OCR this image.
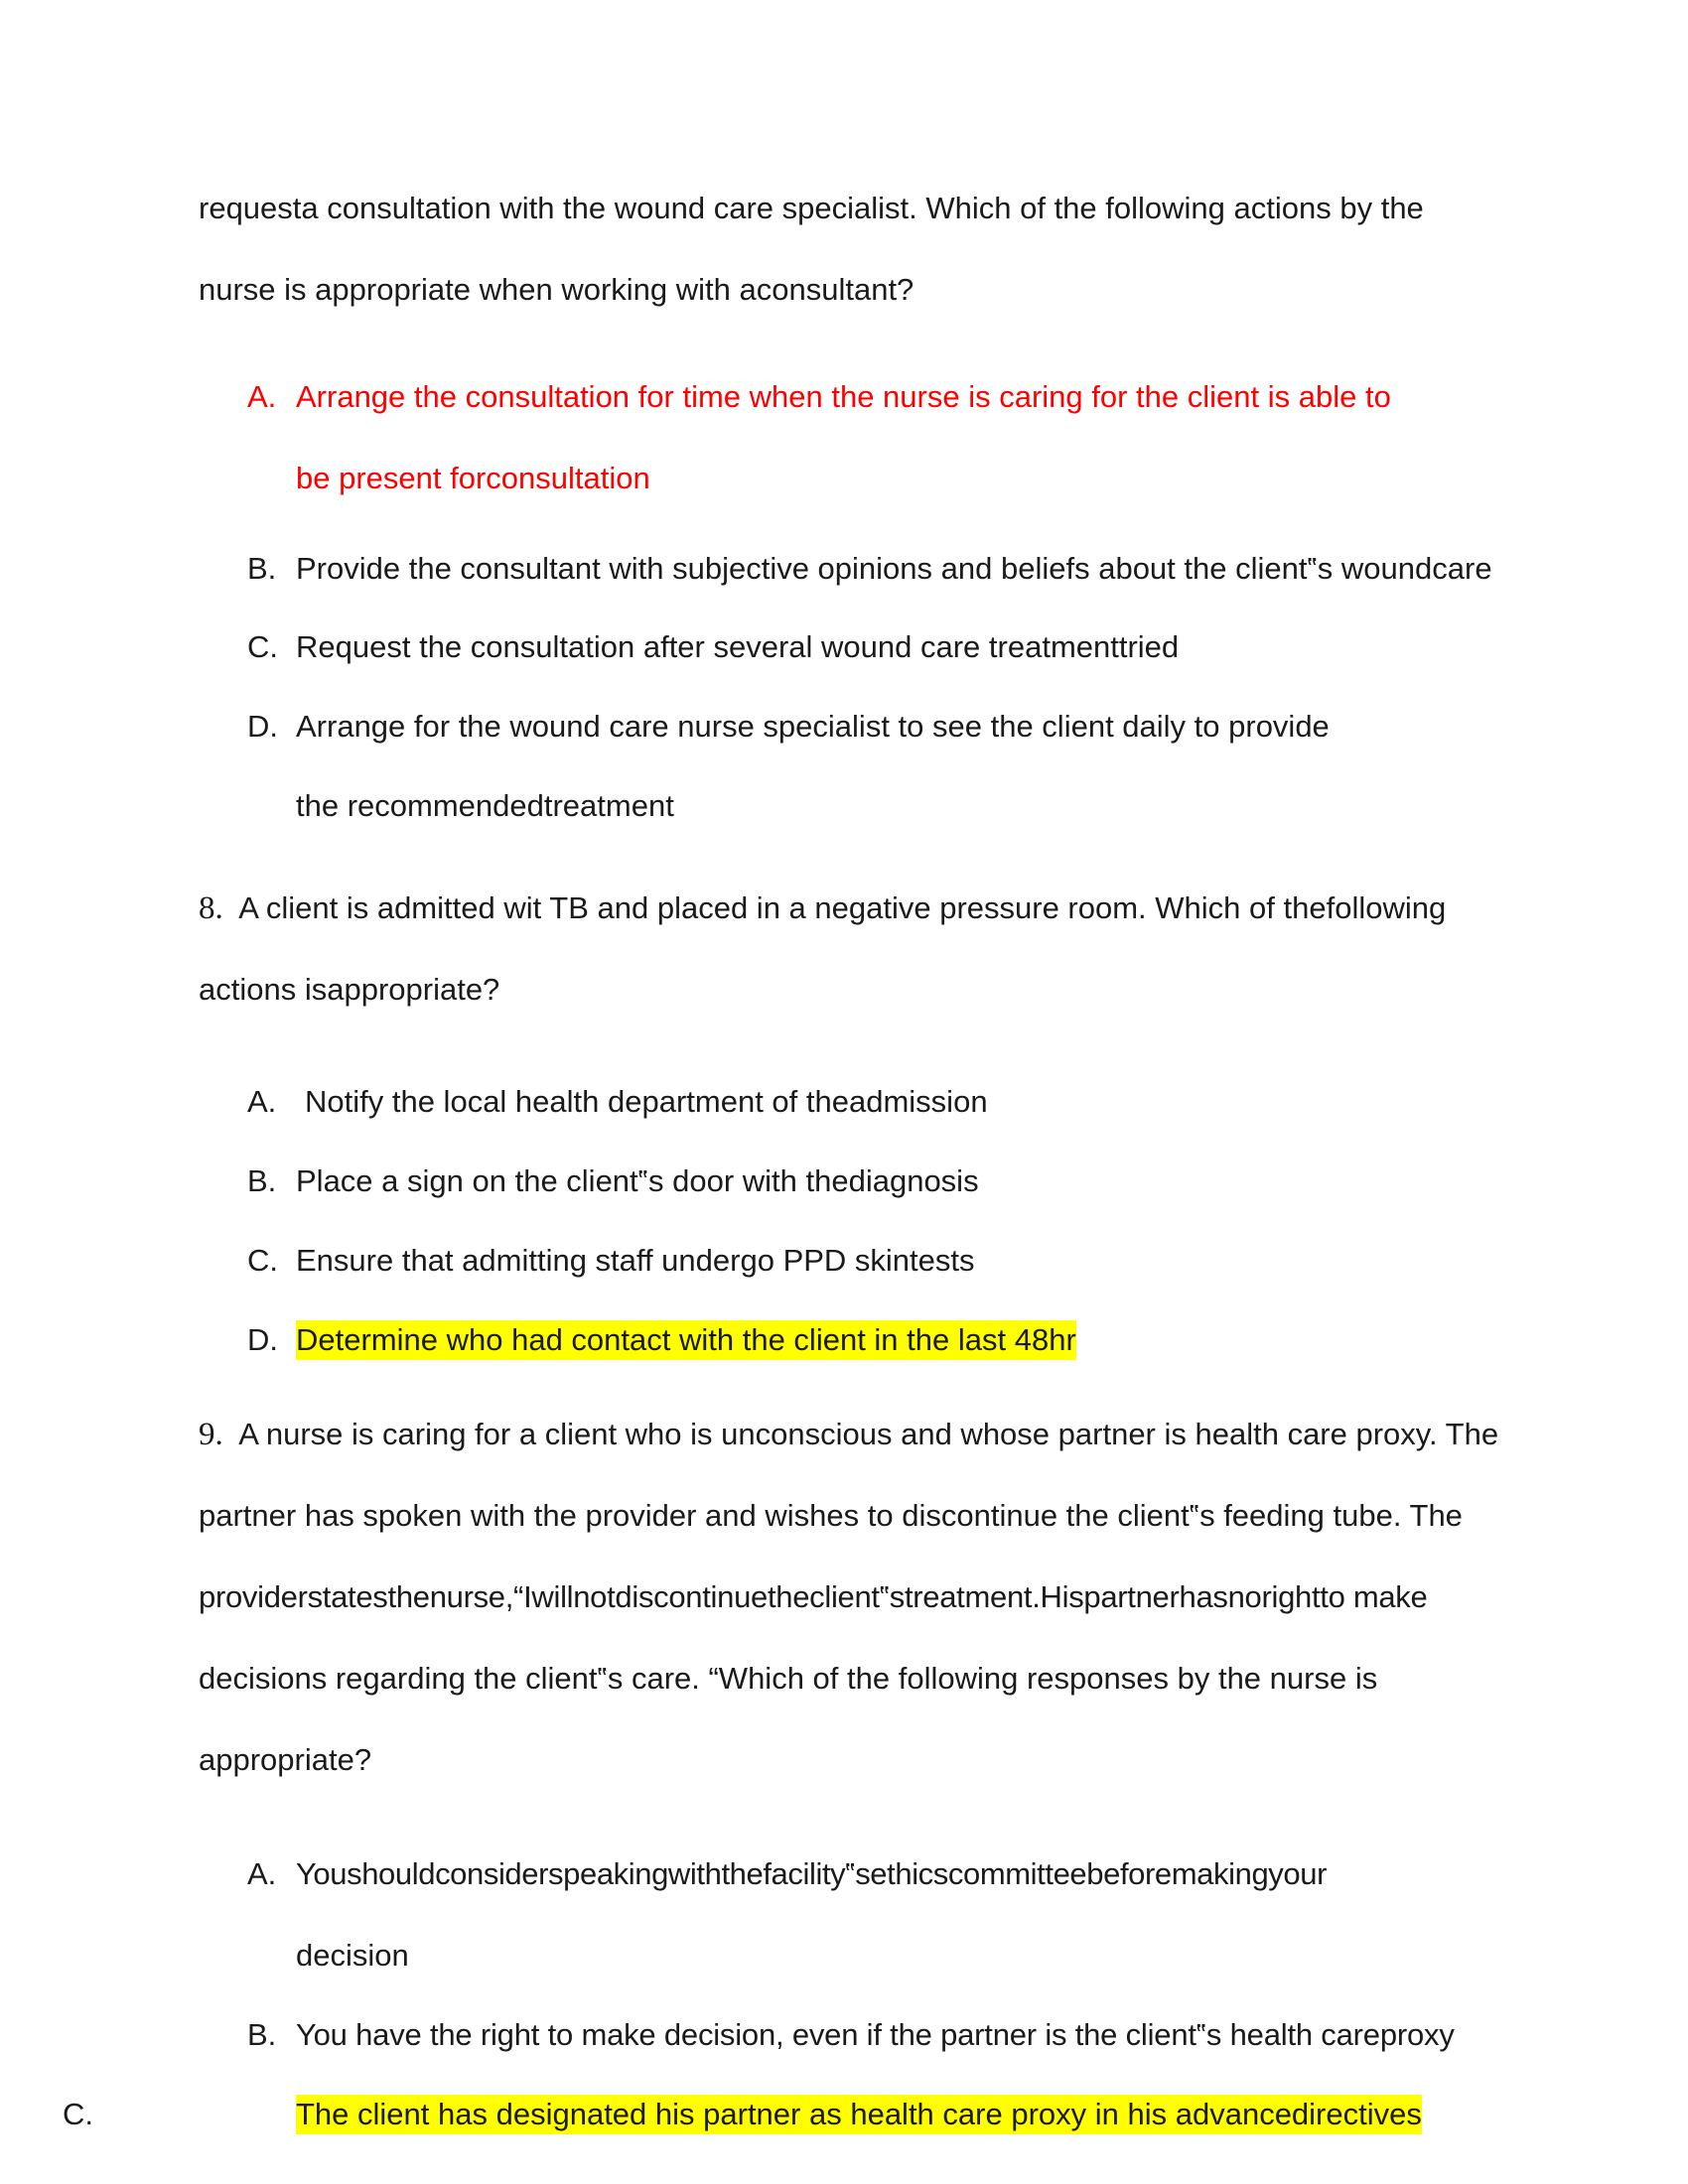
requesta consultation with the wound care specialist. Which of the following actions by the
nurse is appropriate when working with aconsultant?
A. Arrange the consultation for time when the nurse is caring for the client is able to
be present forconsultation
B. Provide the consultant with subjective opinions and beliefs about the client‟s woundcare
C. Request the consultation after several wound care treatmenttried
D. Arrange for the wound care nurse specialist to see the client daily to provide
the recommendedtreatment
8. A client is admitted wit TB and placed in a negative pressure room. Which of thefollowing
actions isappropriate?
A. Notify the local health department of theadmission
B. Place a sign on the client‟s door with thediagnosis
C. Ensure that admitting staff undergo PPD skintests
D. Determine who had contact with the client in the last 48hr
9. A nurse is caring for a client who is unconscious and whose partner is health care proxy. The
partner has spoken with the provider and wishes to discontinue the client‟s feeding tube. The
providerstatesthenurse,“Iwillnotdiscontinuetheclient‟streatment.Hispartnerhasnorightto make
decisions regarding the client‟s care. “Which of the following responses by the nurse is
appropriate?
A. Youshouldconsiderspeakingwiththefacility‟sethicscommitteebeforemakingyour
decision
B. You have the right to make decision, even if the partner is the client‟s health careproxy
C.	The client has designated his partner as health care proxy in his advancedirectives
